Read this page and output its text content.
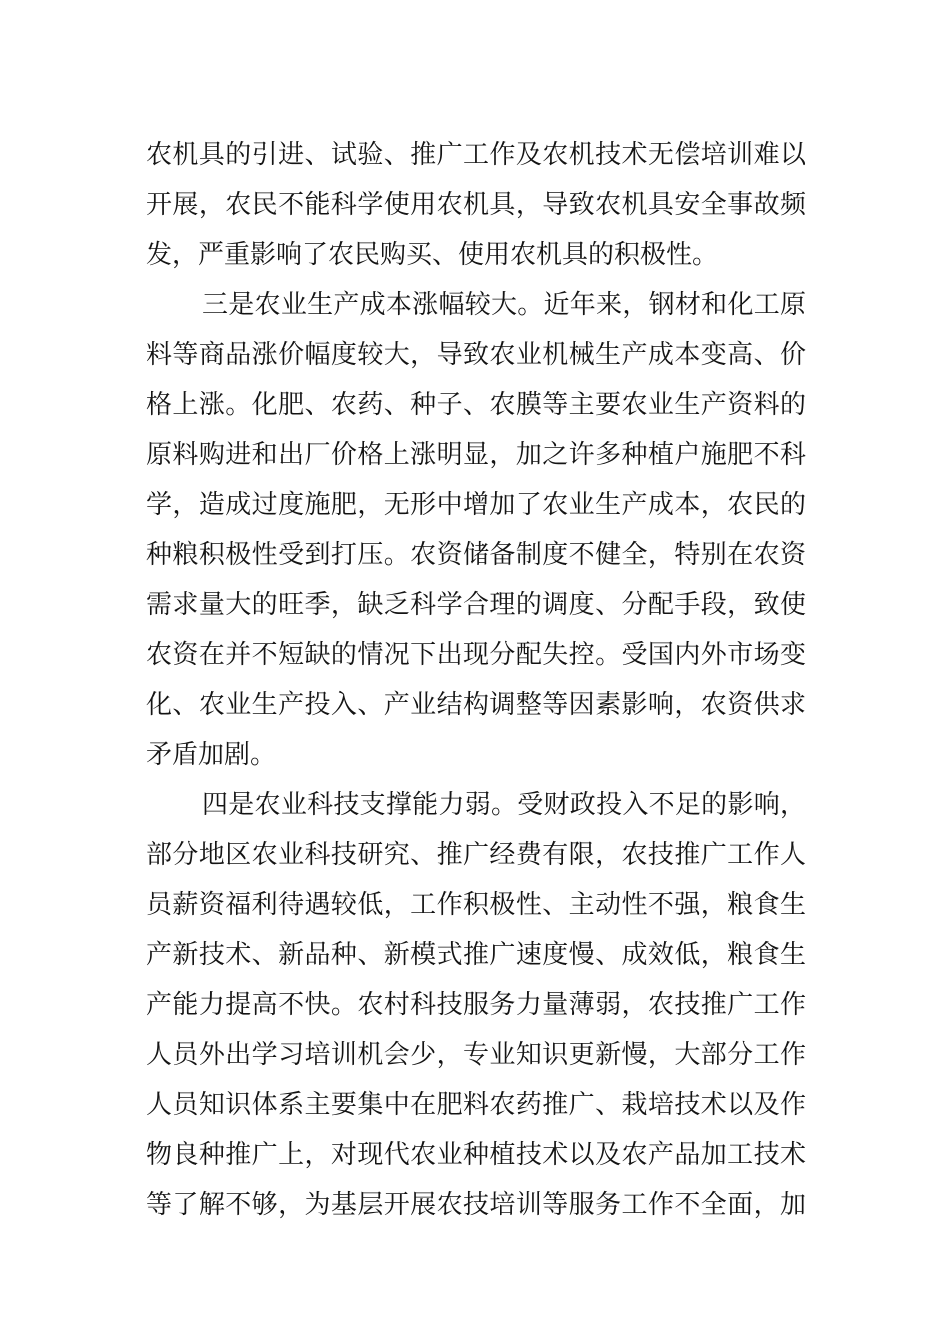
农机具的引进、试验、推广工作及农机技术无偿培训难以
开展，农民不能科学使用农机具，导致农机具安全事故频
发，严重影响了农民购买、使用农机具的积极性。
三是农业生产成本涨幅较大。近年来，钢材和化工原
料等商品涨价幅度较大，导致农业机械生产成本变高、价
格上涨。化肥、农药、种子、农膜等主要农业生产资料的
原料购进和出厂价格上涨明显，加之许多种植户施肥不科
学，造成过度施肥，无形中增加了农业生产成本，农民的
种粮积极性受到打压。农资储备制度不健全，特别在农资
需求量大的旺季，缺乏科学合理的调度、分配手段，致使
农资在并不短缺的情况下出现分配失控。受国内外市场变
化、农业生产投入、产业结构调整等因素影响，农资供求
矛盾加剧。
四是农业科技支撑能力弱。受财政投入不足的影响，
部分地区农业科技研究、推广经费有限，农技推广工作人
员薪资福利待遇较低，工作积极性、主动性不强，粮食生
产新技术、新品种、新模式推广速度慢、成效低，粮食生
产能力提高不快。农村科技服务力量薄弱，农技推广工作
人员外出学习培训机会少，专业知识更新慢，大部分工作
人员知识体系主要集中在肥料农药推广、栽培技术以及作
物良种推广上，对现代农业种植技术以及农产品加工技术
等了解不够，为基层开展农技培训等服务工作不全面，加
